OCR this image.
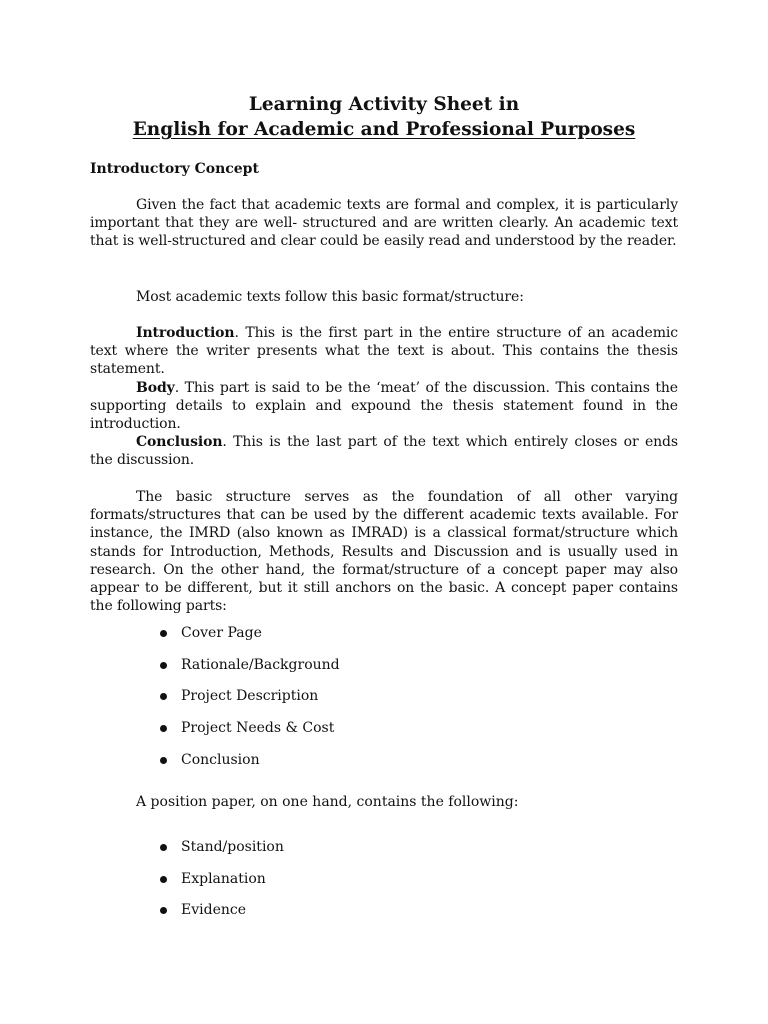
Learning Activity Sheet in
English for Academic and Professional Purposes
Introductory Concept
Given the fact that academic texts are formal and complex, it is particularly important that they are well- structured and are written clearly. An academic text that is well-structured and clear could be easily read and understood by the reader.
Most academic texts follow this basic format/structure:
Introduction. This is the first part in the entire structure of an academic text where the writer presents what the text is about. This contains the thesis statement.
Body. This part is said to be the ‘meat’ of the discussion. This contains the supporting details to explain and expound the thesis statement found in the introduction.
Conclusion. This is the last part of the text which entirely closes or ends the discussion.
The basic structure serves as the foundation of all other varying formats/structures that can be used by the different academic texts available. For instance, the IMRD (also known as IMRAD) is a classical format/structure which stands for Introduction, Methods, Results and Discussion and is usually used in research. On the other hand, the format/structure of a concept paper may also appear to be different, but it still anchors on the basic. A concept paper contains the following parts:
Cover Page
Rationale/Background
Project Description
Project Needs & Cost
Conclusion
A position paper, on one hand, contains the following:
Stand/position
Explanation
Evidence
